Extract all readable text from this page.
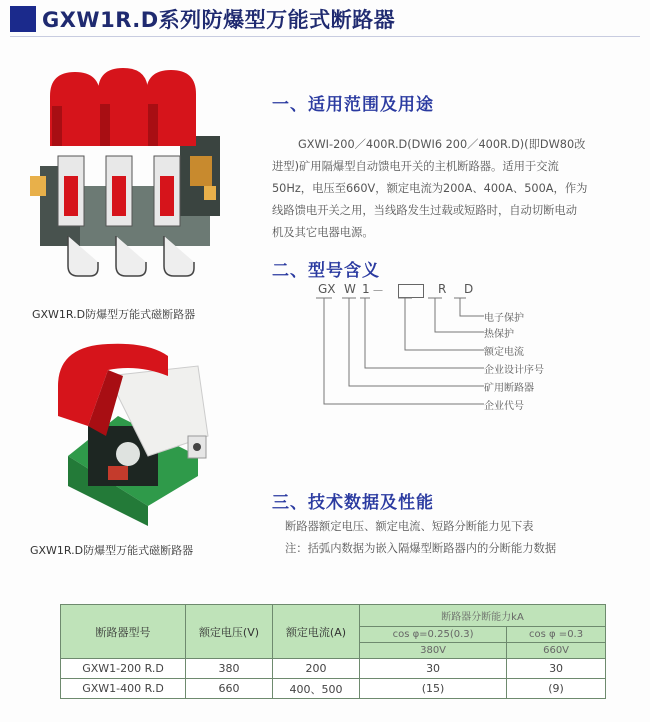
GXW1R.D系列防爆型万能式断路器
GXW1R.D防爆型万能式磁断路器
GXW1R.D防爆型万能式磁断路器
一、适用范围及用途
GXWI-200／400R.D(DWI6 200／400R.D)(即DW80改
进型)矿用隔爆型自动馈电开关的主机断路器。适用于交流
50Hz，电压至660V，额定电流为200A、400A、500A，作为
线路馈电开关之用，当线路发生过载或短路时，自动切断电动
机及其它电器电源。
二、型号含义
GX W 1 －	R D
电子保护
热保护
额定电流
企业设计序号
矿用断路器
企业代号
三、技术数据及性能
断路器额定电压、额定电流、短路分断能力见下表
注：括弧内数据为嵌入隔爆型断路器内的分断能力数据
断路器型号	额定电压(V)	额定电流(A)	断路器分断能力kA	
			cos φ=0.25(0.3)	cos φ =0.3
			380V	660V
GXW1-200 R.D	380	200	30	30
GXW1-400 R.D	660	400、500	(15)	(9)
